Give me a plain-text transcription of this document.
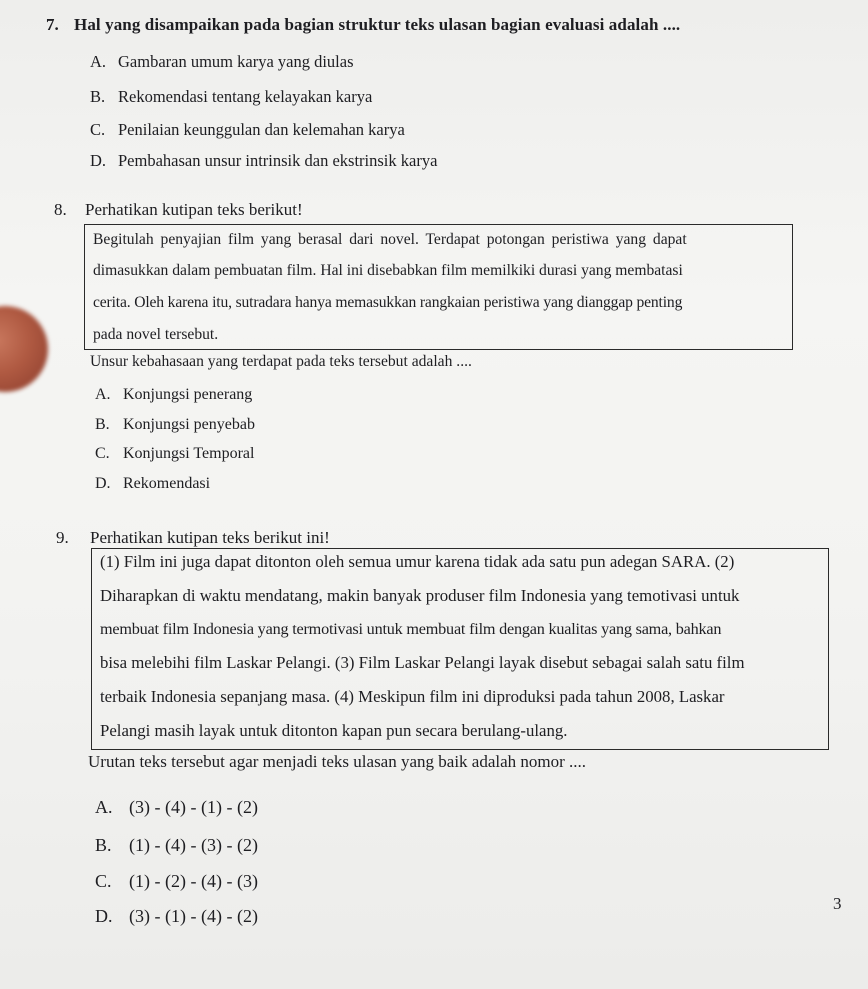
7. Hal yang disampaikan pada bagian struktur teks ulasan bagian evaluasi adalah ....
A. Gambaran umum karya yang diulas
B. Rekomendasi tentang kelayakan karya
C. Penilaian keunggulan dan kelemahan karya
D. Pembahasan unsur intrinsik dan ekstrinsik karya
8. Perhatikan kutipan teks berikut!
Begitulah penyajian film yang berasal dari novel. Terdapat potongan peristiwa yang dapat
dimasukkan dalam pembuatan film. Hal ini disebabkan film memilkiki durasi yang membatasi
cerita. Oleh karena itu, sutradara hanya memasukkan rangkaian peristiwa yang dianggap penting
pada novel tersebut.
Unsur kebahasaan yang terdapat pada teks tersebut adalah ....
A. Konjungsi penerang
B. Konjungsi penyebab
C. Konjungsi Temporal
D. Rekomendasi
9. Perhatikan kutipan teks berikut ini!
(1) Film ini juga dapat ditonton oleh semua umur karena tidak ada satu pun adegan SARA. (2)
Diharapkan di waktu mendatang, makin banyak produser film Indonesia yang temotivasi untuk
membuat film Indonesia yang termotivasi untuk membuat film dengan kualitas yang sama, bahkan
bisa melebihi film Laskar Pelangi. (3) Film Laskar Pelangi layak disebut sebagai salah satu film
terbaik Indonesia sepanjang masa. (4) Meskipun film ini diproduksi pada tahun 2008, Laskar
Pelangi masih layak untuk ditonton kapan pun secara berulang-ulang.
Urutan teks tersebut agar menjadi teks ulasan yang baik adalah nomor ....
A. (3) - (4) - (1) - (2)
B. (1) - (4) - (3) - (2)
C. (1) - (2) - (4) - (3)
D. (3) - (1) - (4) - (2)
3
